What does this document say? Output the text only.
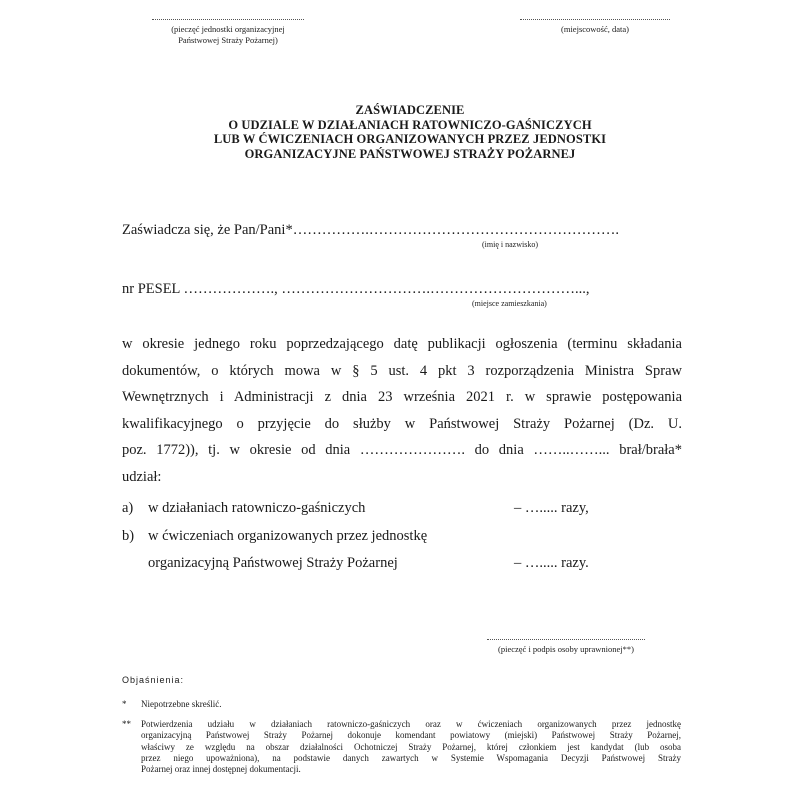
(pieczęć jednostki organizacyjnej
Państwowej Straży Pożarnej)
(miejscowość, data)
ZAŚWIADCZENIE
O UDZIALE W DZIAŁANIACH RATOWNICZO-GAŚNICZYCH
LUB W ĆWICZENIACH ORGANIZOWANYCH PRZEZ JEDNOSTKI
ORGANIZACYJNE PAŃSTWOWEJ STRAŻY POŻARNEJ
Zaświadcza się, że Pan/Pani*…………….…………………………………………….
(imię i nazwisko)
nr PESEL ………………., ………………………….…………………………...,
(miejsce zamieszkania)
w okresie jednego roku poprzedzającego datę publikacji ogłoszenia (terminu składania
dokumentów, o których mowa w § 5 ust. 4 pkt 3 rozporządzenia Ministra Spraw
Wewnętrznych i Administracji z dnia 23 września 2021 r. w sprawie postępowania
kwalifikacyjnego o przyjęcie do służby w Państwowej Straży Pożarnej (Dz. U.
poz. 1772)), tj. w okresie od dnia …………………. do dnia ……..……... brał/brała*
udział:
a) w działaniach ratowniczo-gaśniczych	– …..... razy,
b) w ćwiczeniach organizowanych przez jednostkę
organizacyjną Państwowej Straży Pożarnej	– …..... razy.
(pieczęć i podpis osoby uprawnionej**)
Objaśnienia:
* Niepotrzebne skreślić.
** Potwierdzenia udziału w działaniach ratowniczo-gaśniczych oraz w ćwiczeniach organizowanych przez jednostkę
organizacyjną Państwowej Straży Pożarnej dokonuje komendant powiatowy (miejski) Państwowej Straży Pożarnej,
właściwy ze względu na obszar działalności Ochotniczej Straży Pożarnej, której członkiem jest kandydat (lub osoba
przez niego upoważniona), na podstawie danych zawartych w Systemie Wspomagania Decyzji Państwowej Straży
Pożarnej oraz innej dostępnej dokumentacji.
